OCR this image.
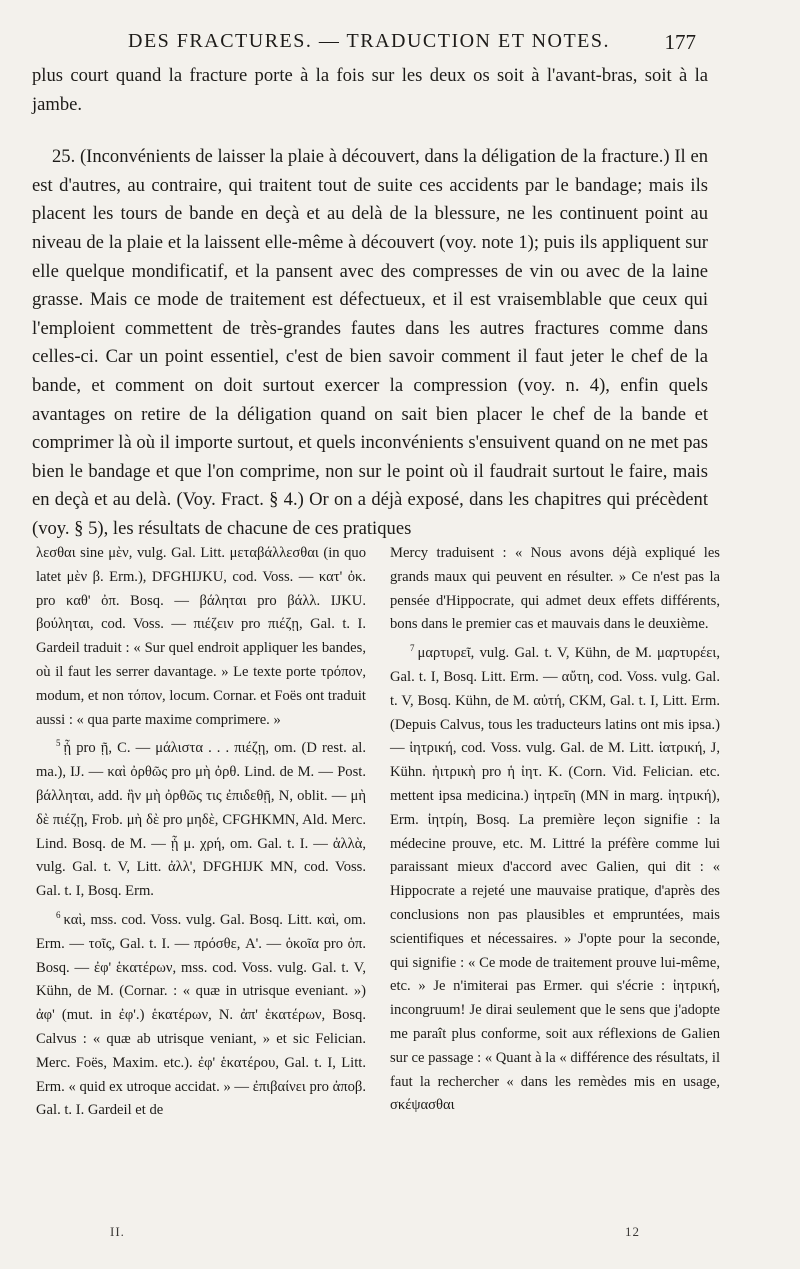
DES FRACTURES. — TRADUCTION ET NOTES.	177

plus court quand la fracture porte à la fois sur les deux os soit à l'avant-bras, soit à la jambe.

25. (Inconvénients de laisser la plaie à découvert, dans la déligation de la fracture.) Il en est d'autres, au contraire, qui traitent tout de suite ces accidents par le bandage; mais ils placent les tours de bande en deçà et au delà de la blessure, ne les continuent point au niveau de la plaie et la laissent elle-même à découvert (voy. note 1); puis ils appliquent sur elle quelque mondificatif, et la pansent avec des compresses de vin ou avec de la laine grasse. Mais ce mode de traitement est défectueux, et il est vraisemblable que ceux qui l'emploient commettent de très-grandes fautes dans les autres fractures comme dans celles-ci. Car un point essentiel, c'est de bien savoir comment il faut jeter le chef de la bande, et comment on doit surtout exercer la compression (voy. n. 4), enfin quels avantages on retire de la déligation quand on sait bien placer le chef de la bande et comprimer là où il importe surtout, et quels inconvénients s'ensuivent quand on ne met pas bien le bandage et que l'on comprime, non sur le point où il faudrait surtout le faire, mais en deçà et au delà. (Voy. Fract. § 4.) Or on a déjà exposé, dans les chapitres qui précèdent (voy. § 5), les résultats de chacune de ces pratiques

λεσθαι sine μὲν, vulg. Gal. Litt. μεταβάλλεσθαι (in quo latet μὲν β. Erm.), DFGHIJKU, cod. Voss. — κατ' ὀκ. pro καθ' ὀπ. Bosq. — βάληται pro βάλλ. IJKU. βούληται, cod. Voss. — πιέζειν pro πιέζῃ, Gal. t. I. Gardeil traduit : « Sur quel endroit appliquer les bandes, où il faut les serrer davantage. » Le texte porte τρόπον, modum, et non τόπον, locum. Cornar. et Foës ont traduit aussi : « qua parte maxime comprimere. »

$^5$ ᾗ pro ῇ, C. — μάλιστα . . . πιέζῃ, om. (D rest. al. ma.), IJ. — καὶ ὀρθῶς pro μὴ ὀρθ. Lind. de M. — Post. βάλληται, add. ἣν μὴ ὀρθῶς τις ἐπιδεθῇ, N, oblit. — μὴ δὲ πιέζῃ, Frob. μὴ δὲ pro μηδὲ, CFGHKMN, Ald. Merc. Lind. Bosq. de M. — ᾗ μ. χρή, om. Gal. t. I. — ἀλλὰ, vulg. Gal. t. V, Litt. ἀλλ', DFGHIJK MN, cod. Voss. Gal. t. I, Bosq. Erm.

$^6$ καὶ, mss. cod. Voss. vulg. Gal. Bosq. Litt. καὶ, om. Erm. — τοῖς, Gal. t. I. — πρόσθε, A'. — ὁκοῖα pro ὁπ. Bosq. — ἐφ' ἑκατέρων, mss. cod. Voss. vulg. Gal. t. V, Kühn, de M. (Cornar. : « quæ in utrisque eveniant. ») ἀφ' (mut. in ἐφ'.) ἑκατέρων, N. ἀπ' ἑκατέρων, Bosq. Calvus : « quæ ab utrisque veniant, » et sic Felician. Merc. Foës, Maxim. etc.). ἐφ' ἑκατέρου, Gal. t. I, Litt. Erm. « quid ex utroque accidat. » — ἐπιβαίνει pro ἀποβ. Gal. t. I. Gardeil et de

Mercy traduisent : « Nous avons déjà expliqué les grands maux qui peuvent en résulter. » Ce n'est pas la pensée d'Hippocrate, qui admet deux effets différents, bons dans le premier cas et mauvais dans le deuxième.

$^7$ μαρτυρεῖ, vulg. Gal. t. V, Kühn, de M. μαρτυρέει, Gal. t. I, Bosq. Litt. Erm. — αὔτη, cod. Voss. vulg. Gal. t. V, Bosq. Kühn, de M. αὐτή, CKM, Gal. t. I, Litt. Erm. (Depuis Calvus, tous les traducteurs latins ont mis ipsa.) — ἰητρική, cod. Voss. vulg. Gal. de M. Litt. ἰατρική, J, Kühn. ἠιτρικὴ pro ἡ ἰητ. K. (Corn. Vid. Felician. etc. mettent ipsa medicina.) ἰητρεῖη (MN in marg. ἰητρική), Erm. ἰητρίη, Bosq. La première leçon signifie : la médecine prouve, etc. M. Littré la préfère comme lui paraissant mieux d'accord avec Galien, qui dit : « Hippocrate a rejeté une mauvaise pratique, d'après des conclusions non pas plausibles et empruntées, mais scientifiques et nécessaires. » J'opte pour la seconde, qui signifie : « Ce mode de traitement prouve lui-même, etc. » Je n'imiterai pas Ermer. qui s'écrie : ἰητρική, incongruum! Je dirai seulement que le sens que j'adopte me paraît plus conforme, soit aux réflexions de Galien sur ce passage : « Quant à la « différence des résultats, il faut la rechercher « dans les remèdes mis en usage, σκέψασθαι

II.	12
